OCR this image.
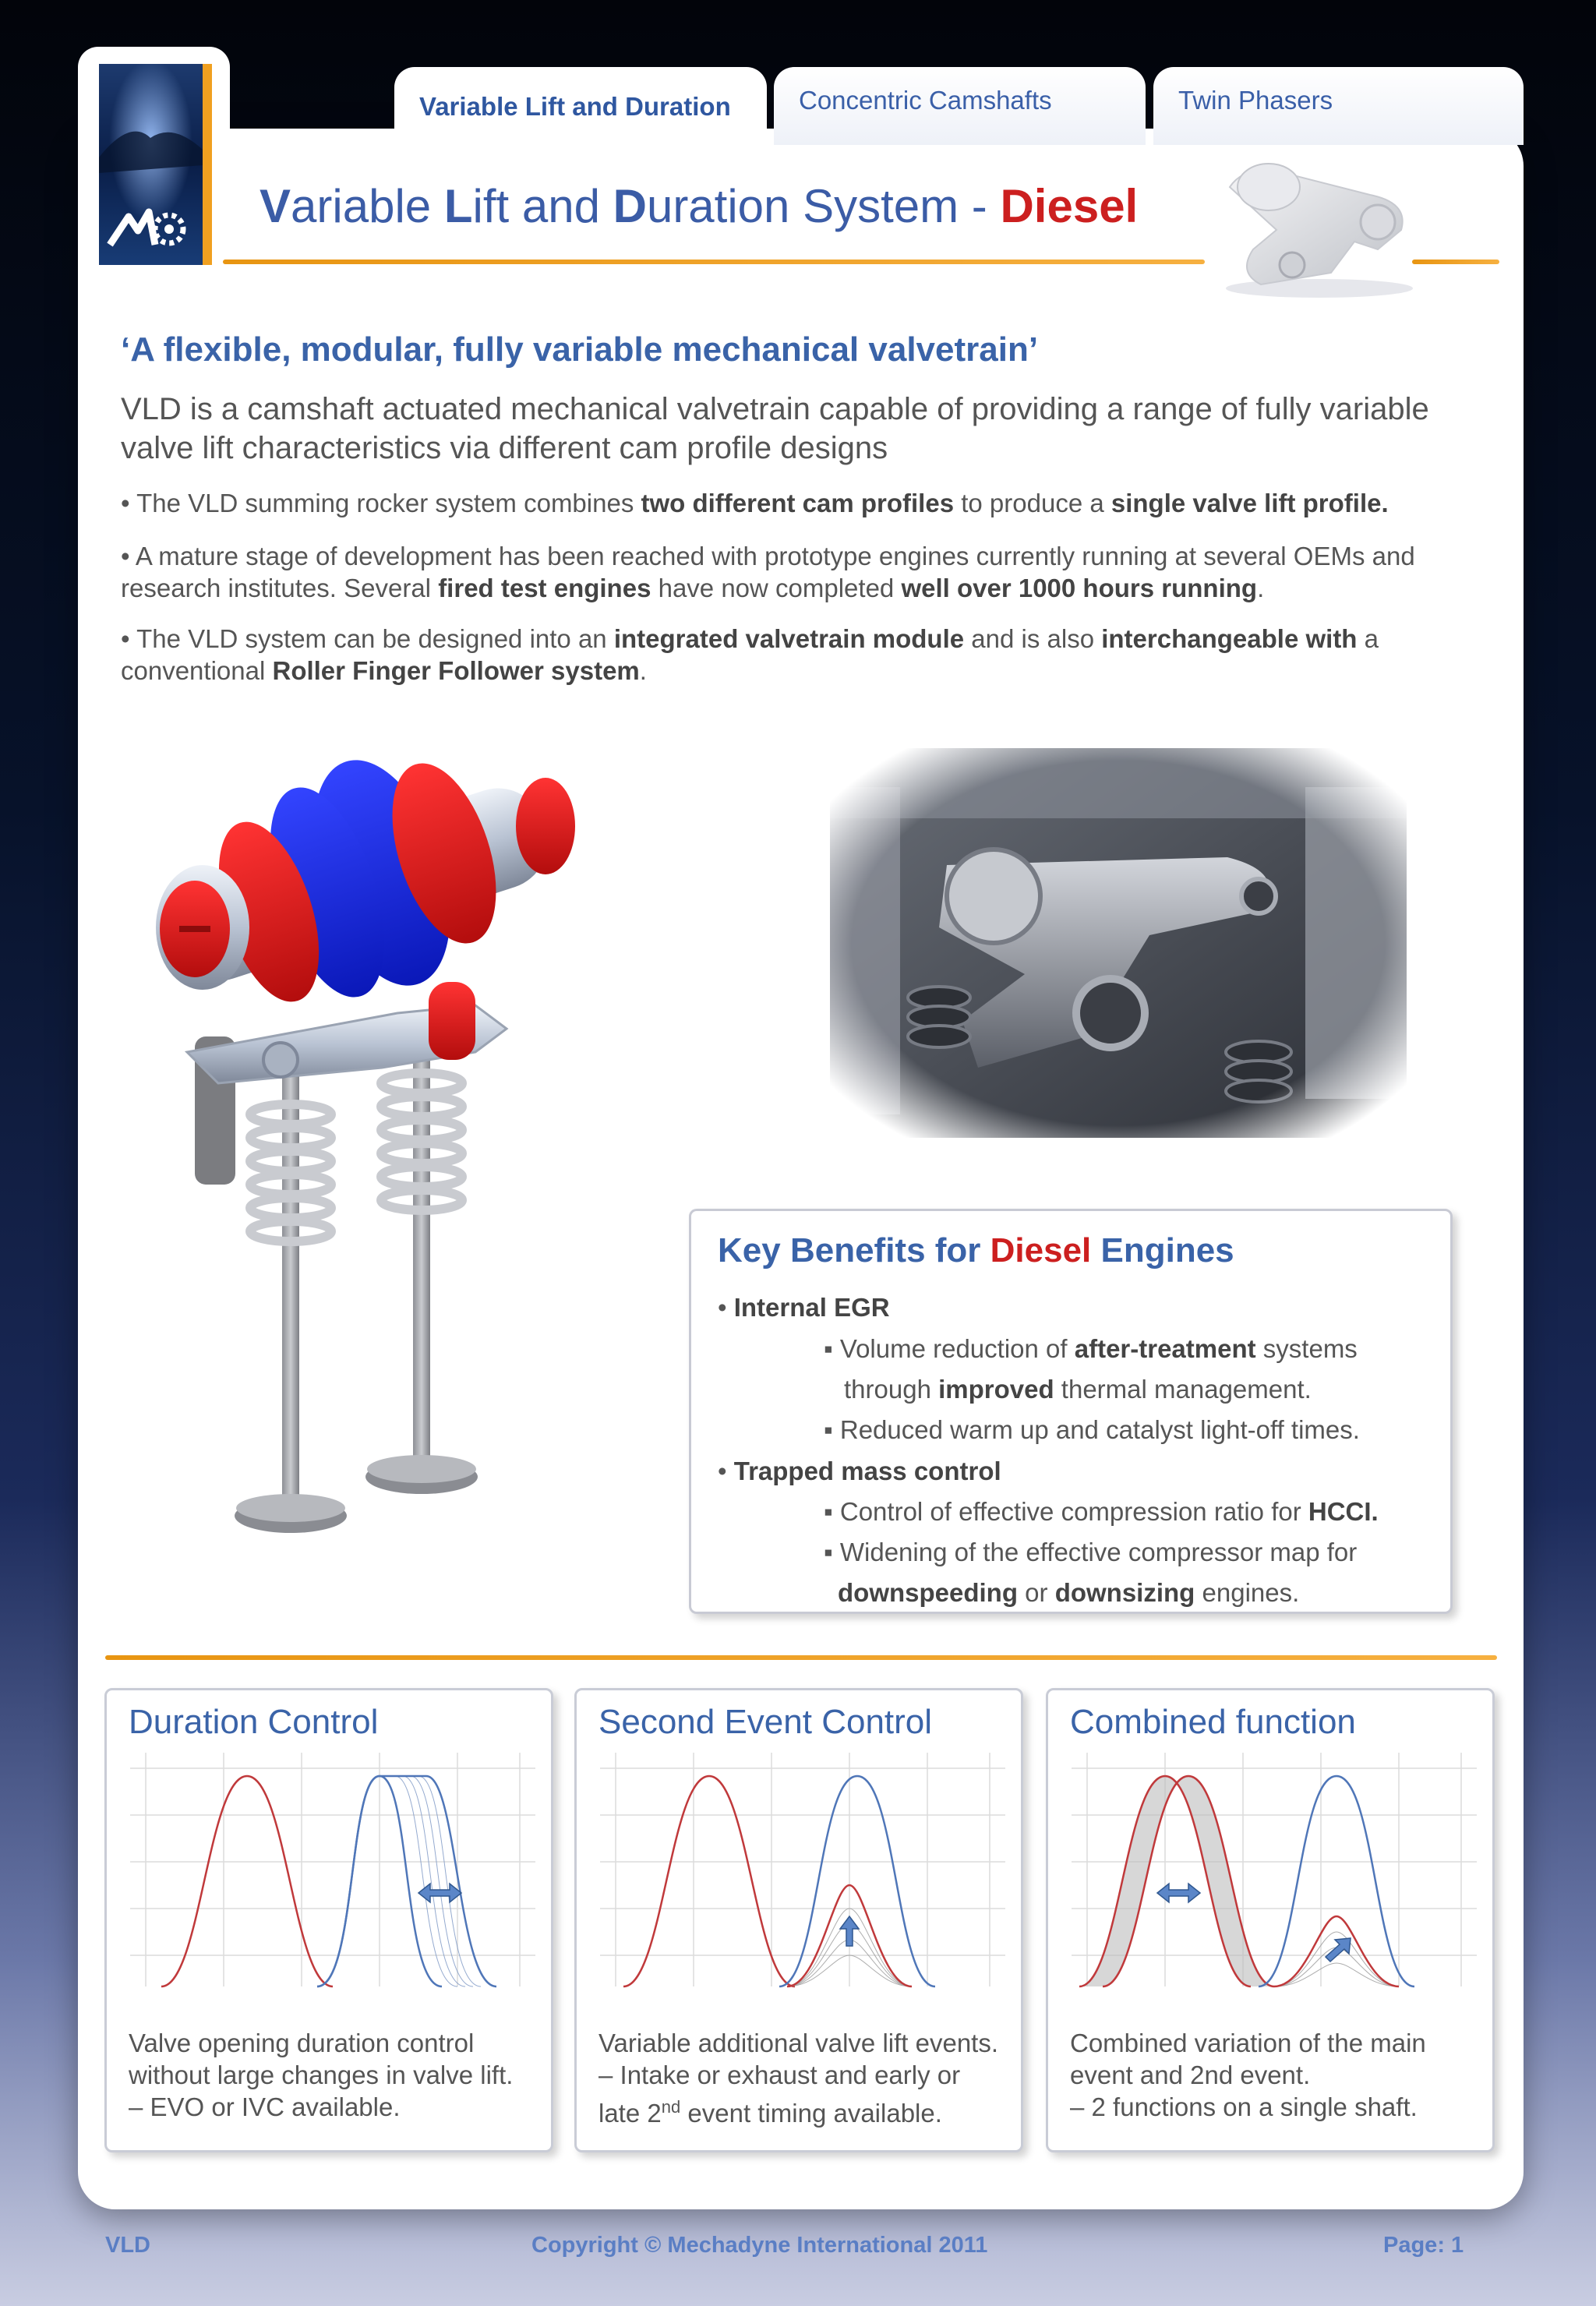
Variable Lift and Duration	Concentric Camshafts	Twin Phasers
Variable Lift and Duration System - Diesel
‘A flexible, modular, fully variable mechanical valvetrain’
VLD is a camshaft actuated mechanical valvetrain capable of providing a range of fully variable valve lift characteristics via different cam profile designs
• The VLD summing rocker system combines two different cam profiles to produce a single valve lift profile.
• A mature stage of development has been reached with prototype engines currently running at several OEMs and research institutes. Several fired test engines have now completed well over 1000 hours running.
• The VLD system can be designed into an integrated valvetrain module and is also interchangeable with a conventional Roller Finger Follower system.
Key Benefits for Diesel Engines
• Internal EGR
▪ Volume reduction of after-treatment systems
through improved thermal management.
▪ Reduced warm up and catalyst light-off times.
• Trapped mass control
▪ Control of effective compression ratio for HCCI.
▪ Widening of the effective compressor map for
downspeeding or downsizing engines.
Duration Control
Valve opening duration control
without large changes in valve lift.
– EVO or IVC available.
Second Event Control
Variable additional valve lift events.
– Intake or exhaust and early or
late 2nd event timing available.
Combined function
Combined variation of the main
event and 2nd event.
– 2 functions on a single shaft.
VLD	Copyright © Mechadyne International 2011	Page: 1
